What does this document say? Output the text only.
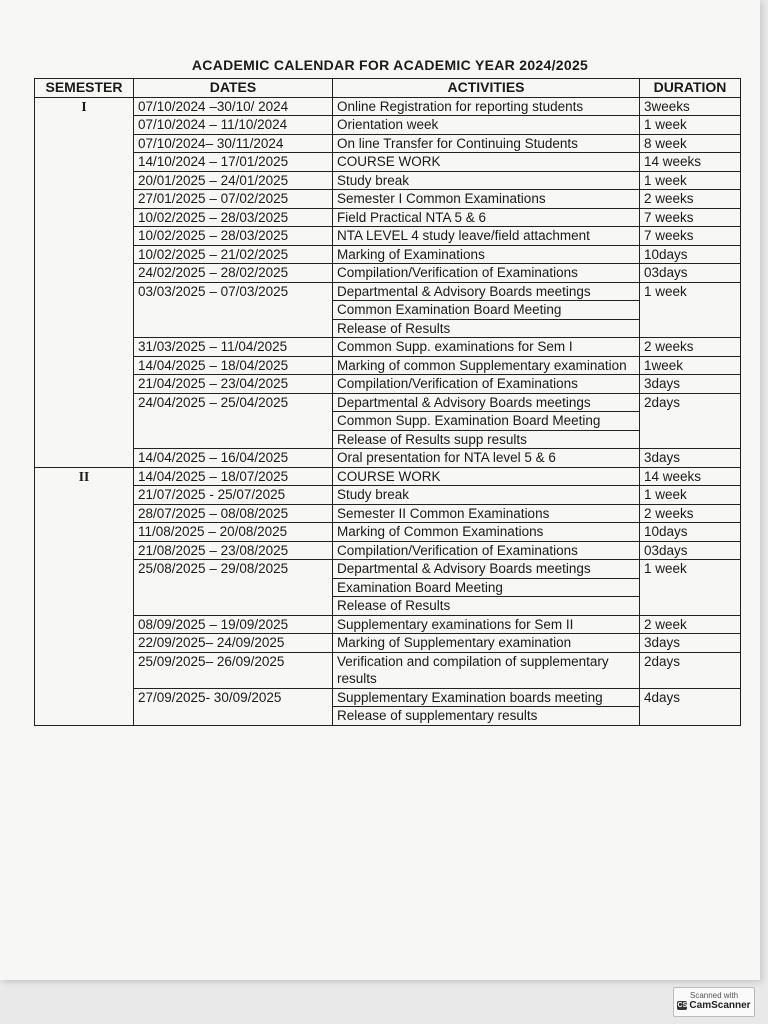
ACADEMIC CALENDAR FOR ACADEMIC YEAR 2024/2025
SEMESTER	DATES	ACTIVITIES	DURATION
I	07/10/2024 –30/10/ 2024	Online Registration for reporting students	3weeks
	07/10/2024 – 11/10/2024	Orientation week	1 week
	07/10/2024– 30/11/2024	On line Transfer for Continuing Students	8 week
	14/10/2024 – 17/01/2025	COURSE WORK	14 weeks
	20/01/2025 – 24/01/2025	Study break	1 week
	27/01/2025 – 07/02/2025	Semester I Common Examinations	2 weeks
	10/02/2025 – 28/03/2025	Field Practical NTA 5 & 6	7 weeks
	10/02/2025 – 28/03/2025	NTA LEVEL 4 study leave/field attachment	7 weeks
	10/02/2025 – 21/02/2025	Marking of Examinations	10days
	24/02/2025 – 28/02/2025	Compilation/Verification of Examinations	03days
	03/03/2025 – 07/03/2025	Departmental & Advisory Boards meetings
Common Examination Board Meeting
Release of Results	1 week
	31/03/2025 – 11/04/2025	Common Supp. examinations for Sem I	2 weeks
	14/04/2025 – 18/04/2025	Marking of common Supplementary examination	1week
	21/04/2025 – 23/04/2025	Compilation/Verification of Examinations	3days
	24/04/2025 – 25/04/2025	Departmental & Advisory Boards meetings
Common Supp. Examination Board Meeting
Release of Results supp results	2days
	14/04/2025 – 16/04/2025	Oral presentation for NTA level 5 & 6	3days
II	14/04/2025 – 18/07/2025	COURSE WORK	14 weeks
	21/07/2025 - 25/07/2025	Study break	1 week
	28/07/2025 – 08/08/2025	Semester II Common Examinations	2 weeks
	11/08/2025 – 20/08/2025	Marking of Common Examinations	10days
	21/08/2025 – 23/08/2025	Compilation/Verification of Examinations	03days
	25/08/2025 – 29/08/2025	Departmental & Advisory Boards meetings
Examination Board Meeting
Release of Results	1 week
	08/09/2025 – 19/09/2025	Supplementary examinations for Sem II	2 week
	22/09/2025– 24/09/2025	Marking of Supplementary examination	3days
	25/09/2025– 26/09/2025	Verification and compilation of supplementary results	2days
	27/09/2025- 30/09/2025	Supplementary Examination boards meeting
Release of supplementary results	4days
Scanned with
CS CamScanner
